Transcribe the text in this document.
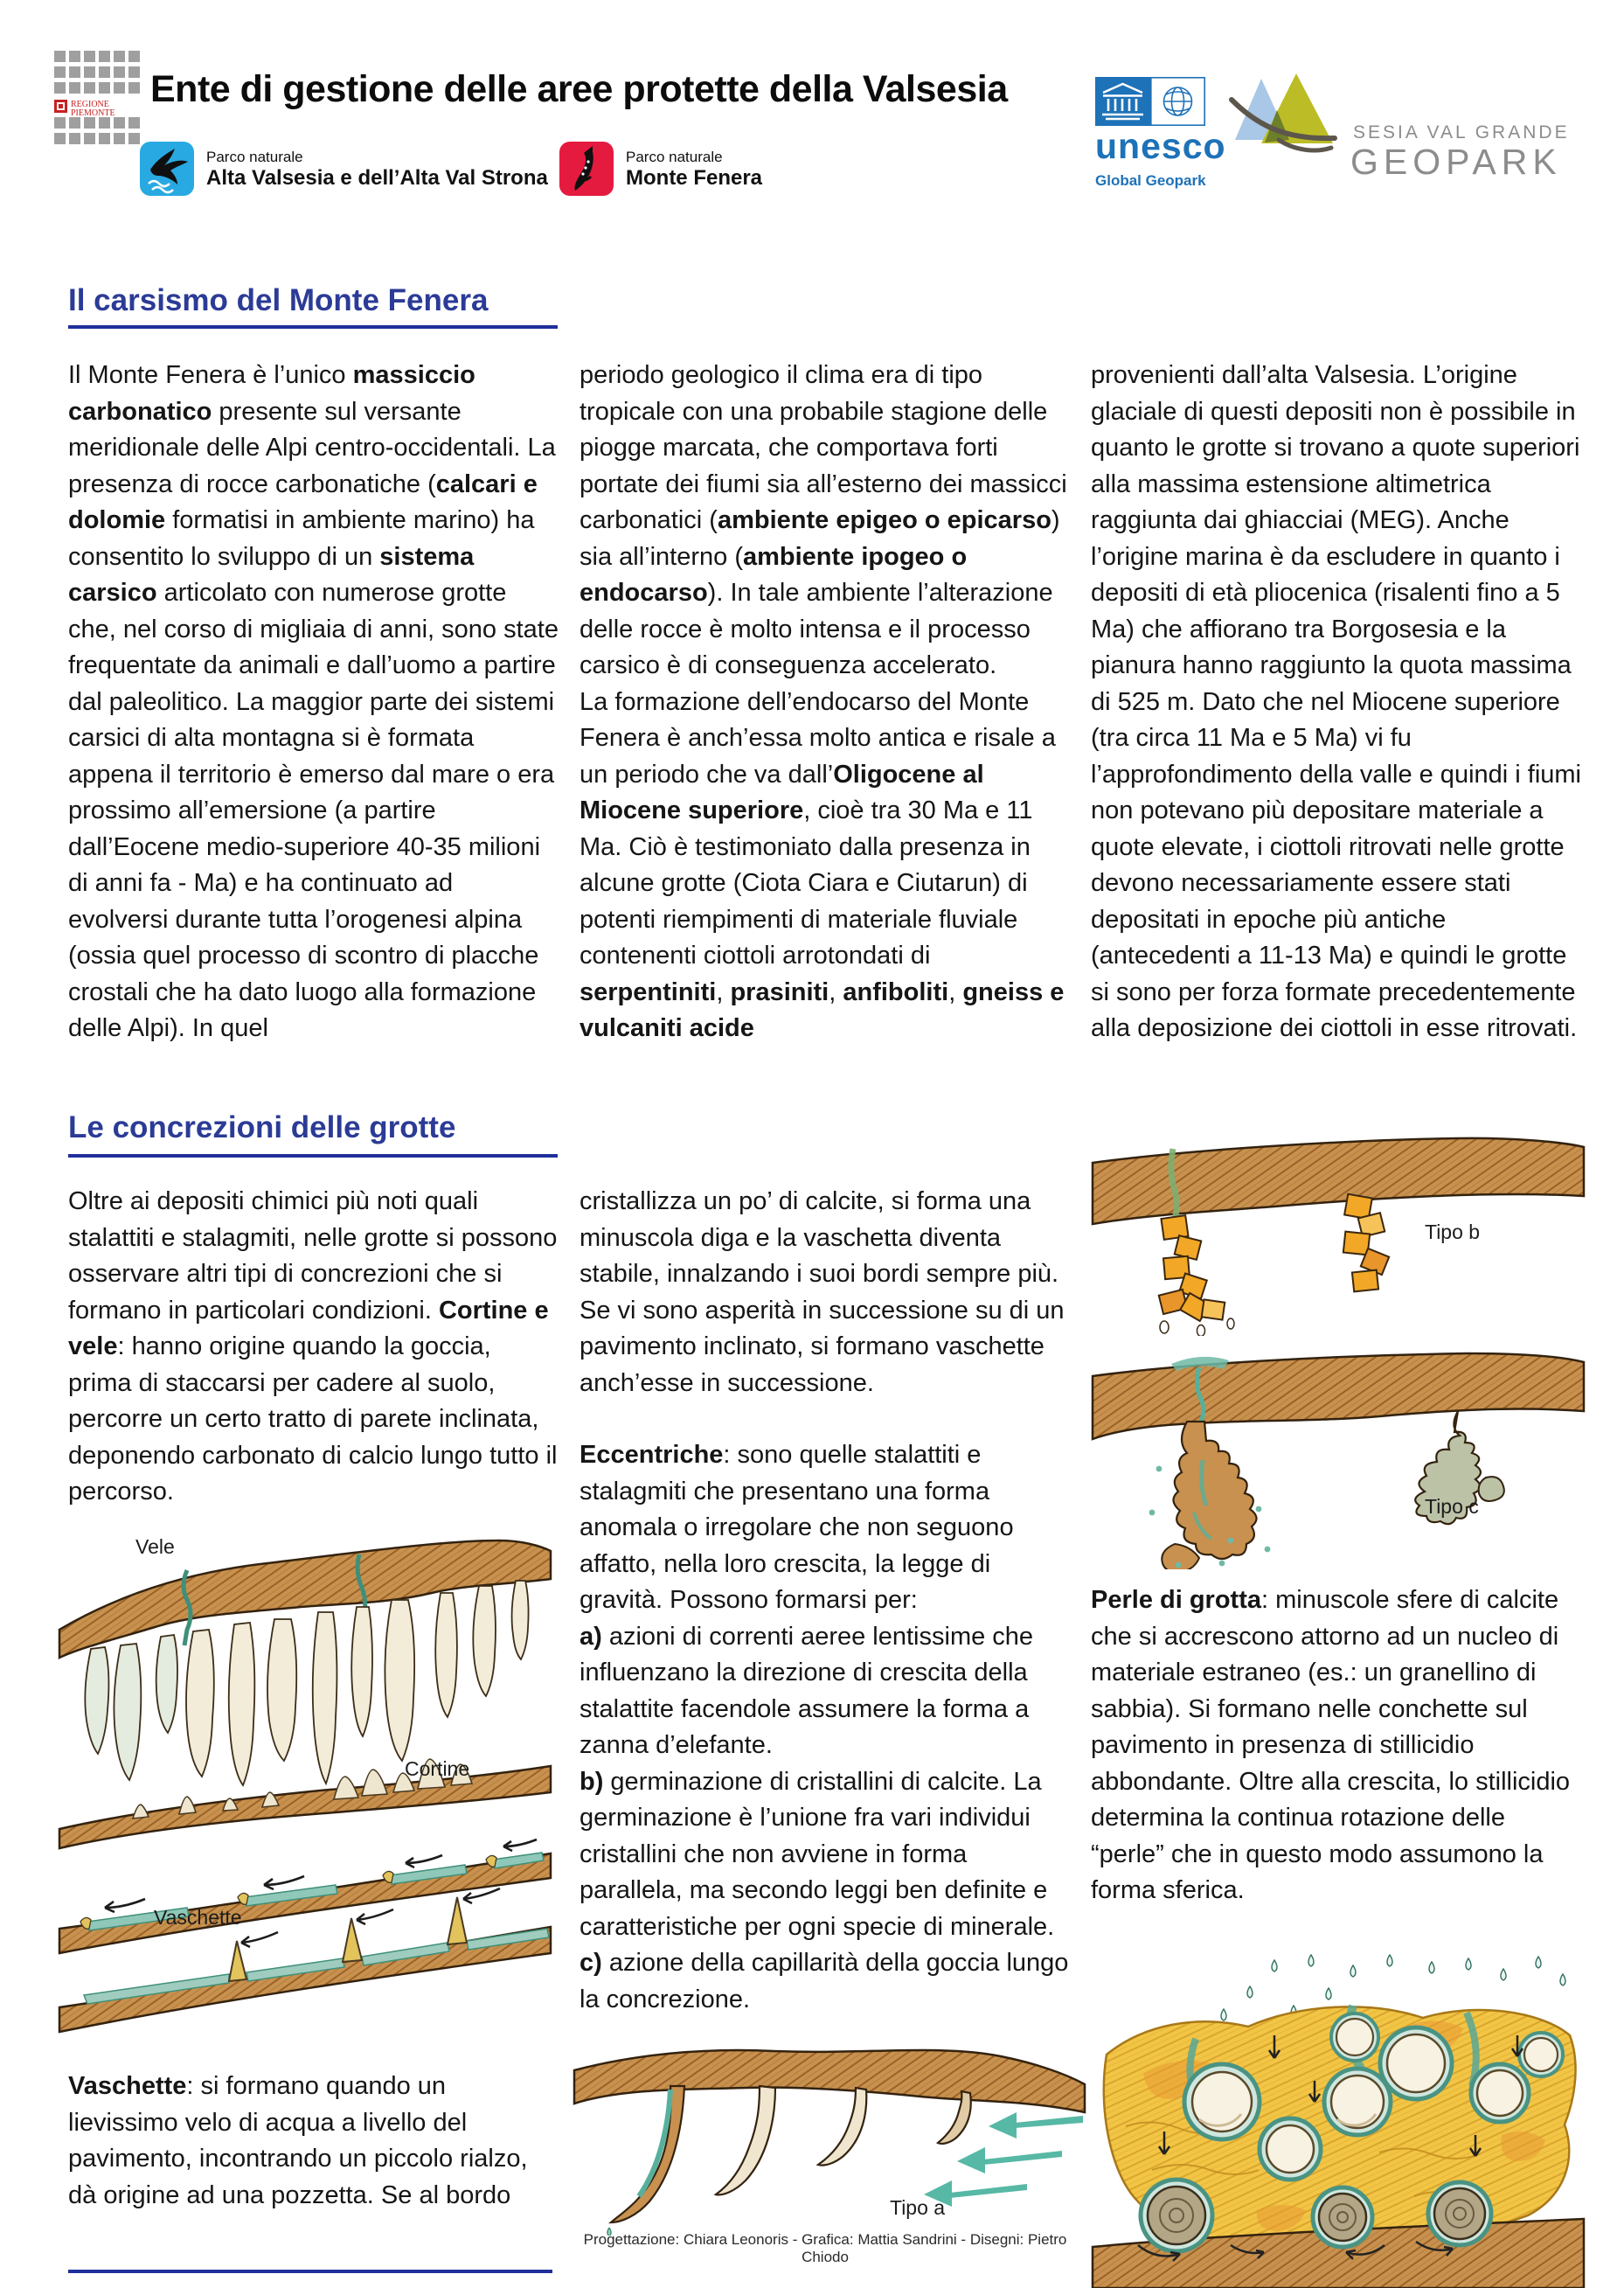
REGIONE
PIEMONTE
Ente di gestione delle aree protette della Valsesia
Parco naturale
Alta Valsesia e dell’Alta Val Strona
Parco naturale
Monte Fenera
unesco
Global Geopark
SESIA VAL GRANDE
GEOPARK
Il carsismo del Monte Fenera

Il Monte Fenera è l’unico massiccio carbonatico presente sul versante meridionale delle Alpi centro-occidentali. La presenza di rocce carbonatiche (calcari e dolomie formatisi in ambiente marino) ha consentito lo sviluppo di un sistema carsico articolato con numerose grotte che, nel corso di migliaia di anni, sono state frequentate da animali e dall’uomo a partire dal paleolitico. La maggior parte dei sistemi carsici di alta montagna si è formata appena il territorio è emerso dal mare o era prossimo all’emersione (a partire dall’Eocene medio-superiore 40-35 milioni di anni fa - Ma) e ha continuato ad evolversi durante tutta l’orogenesi alpina (ossia quel processo di scontro di placche crostali che ha dato luogo alla formazione delle Alpi). In quel

periodo geologico il clima era di tipo tropicale con una probabile stagione delle piogge marcata, che comportava forti portate dei fiumi sia all’esterno dei massicci carbonatici (ambiente epigeo o epicarso) sia all’interno (ambiente ipogeo o endocarso). In tale ambiente l’alterazione delle rocce è molto intensa e il processo carsico è di conseguenza accelerato.

La formazione dell’endocarso del Monte Fenera è anch’essa molto antica e risale a un periodo che va dall’Oligocene al Miocene superiore, cioè tra 30 Ma e 11 Ma. Ciò è testimoniato dalla presenza in alcune grotte (Ciota Ciara e Ciutarun) di potenti riempimenti di materiale fluviale contenenti ciottoli arrotondati di serpentiniti, prasiniti, anfiboliti, gneiss e vulcaniti acide

provenienti dall’alta Valsesia. L’origine glaciale di questi depositi non è possibile in quanto le grotte si trovano a quote superiori alla massima estensione altimetrica raggiunta dai ghiacciai (MEG). Anche l’origine marina è da escludere in quanto i depositi di età pliocenica (risalenti fino a 5 Ma) che affiorano tra Borgosesia e la pianura hanno raggiunto la quota massima di 525 m. Dato che nel Miocene superiore (tra circa 11 Ma e 5 Ma) vi fu l’approfondimento della valle e quindi i fiumi non potevano più depositare materiale a quote elevate, i ciottoli ritrovati nelle grotte devono necessariamente essere stati depositati in epoche più antiche (antecedenti a 11-13 Ma) e quindi le grotte si sono per forza formate precedentemente alla deposizione dei ciottoli in esse ritrovati.

Le concrezioni delle grotte

Oltre ai depositi chimici più noti quali stalattiti e stalagmiti, nelle grotte si possono osservare altri tipi di concrezioni che si formano in particolari condizioni. Cortine e vele: hanno origine quando la goccia, prima di staccarsi per cadere al suolo, percorre un certo tratto di parete inclinata, deponendo carbonato di calcio lungo tutto il percorso.

Vele
Cortine
Vaschette

Vaschette: si formano quando un lievissimo velo di acqua a livello del pavimento, incontrando un piccolo rialzo, dà origine ad una pozzetta. Se al bordo

cristallizza un po’ di calcite, si forma una minuscola diga e la vaschetta diventa stabile, innalzando i suoi bordi sempre più. Se vi sono asperità in successione su di un pavimento inclinato, si formano vaschette anch’esse in successione.

Eccentriche: sono quelle stalattiti e stalagmiti che presentano una forma anomala o irregolare che non seguono affatto, nella loro crescita, la legge di gravità. Possono formarsi per:

a) azioni di correnti aeree lentissime che influenzano la direzione di crescita della stalattite facendole assumere la forma a zanna d’elefante.

b) germinazione di cristallini di calcite. La germinazione è l’unione fra vari individui cristallini che non avviene in forma parallela, ma secondo leggi ben definite e caratteristiche per ogni specie di minerale.

c) azione della capillarità della goccia lungo la concrezione.

Tipo a
Progettazione: Chiara Leonoris - Grafica: Mattia Sandrini - Disegni: Pietro Chiodo
Tipo b
Tipo c

Perle di grotta: minuscole sfere di calcite che si accrescono attorno ad un nucleo di materiale estraneo (es.: un granellino di sabbia). Si formano nelle conchette sul pavimento in presenza di stillicidio abbondante. Oltre alla crescita, lo stillicidio determina la continua rotazione delle “perle” che in questo modo assumono la forma sferica.
